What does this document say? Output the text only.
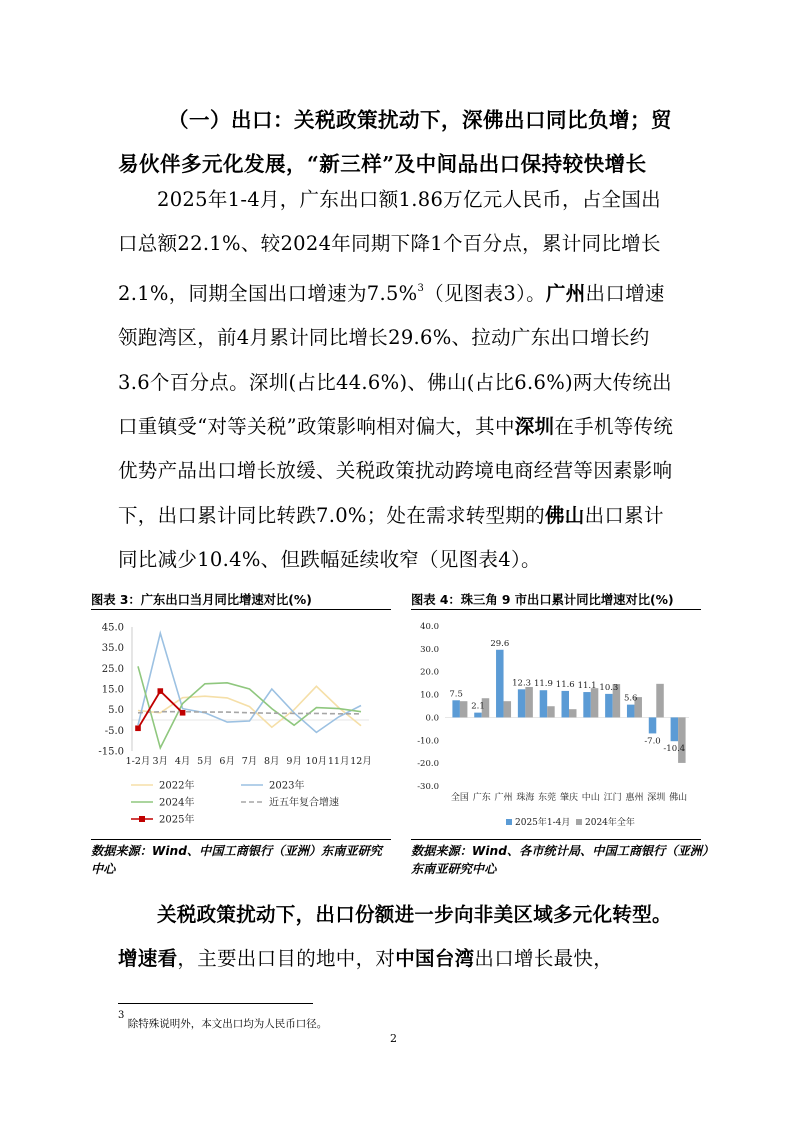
（一）出口：关税政策扰动下，深佛出口同比负增；贸
易伙伴多元化发展，“新三样”及中间品出口保持较快增长
2025年1-4月，广东出口额1.86万亿元人民币，占全国出口总额22.1%、较2024年同期下降1个百分点，累计同比增长2.1%，同期全国出口增速为7.5%$^3$（见图表3）。广州出口增速领跑湾区，前4月累计同比增长29.6%、拉动广东出口增长约3.6个百分点。深圳(占比44.6%)、佛山(占比6.6%)两大传统出口重镇受“对等关税”政策影响相对偏大，其中深圳在手机等传统优势产品出口增长放缓、关税政策扰动跨境电商经营等因素影响下，出口累计同比转跌7.0%；处在需求转型期的佛山出口累计同比减少10.4%、但跌幅延续收窄（见图表4）。
图表 3：广东出口当月同比增速对比(%)	图表 4：珠三角 9 市出口累计同比增速对比(%)
45.0
35.0
25.0
15.0
5.0
-5.0
-15.0
1-2月 3月 4月 5月 6月 7月 8月 9月 10月 11月 12月
2022年	2023年
2024年	近五年复合增速
2025年
40.0
30.0
20.0
10.0
0.0
-10.0
-20.0
-30.0
7.5
全国
2.1
广东
29.6
广州
12.3
珠海
11.9
东莞
11.6
肇庆
11.1
中山
10.3
江门
5.6
惠州
-7.0
深圳
-10.4
佛山
2025年1-4月 2024年全年
数据来源：Wind、中国工商银行（亚洲）东南亚研究中心
数据来源：Wind、各市统计局、中国工商银行（亚洲）东南亚研究中心
关税政策扰动下，出口份额进一步向非美区域多元化转型。增速看，主要出口目的地中，对中国台湾出口增长最快，
$^3$ 除特殊说明外，本文出口均为人民币口径。
2
